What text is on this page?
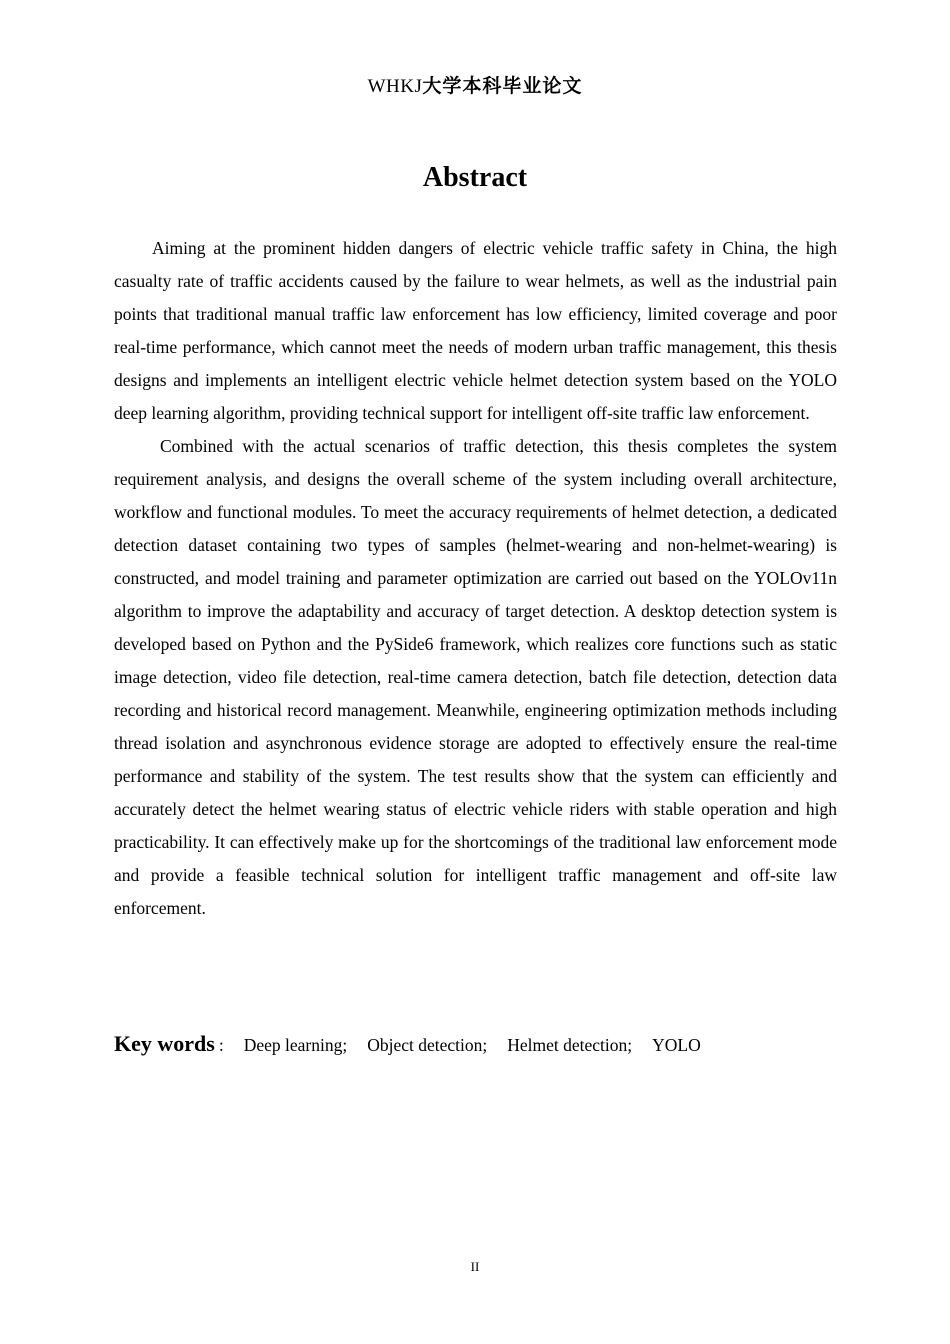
WHKJ大学本科毕业论文
Abstract

Aiming at the prominent hidden dangers of electric vehicle traffic safety in China, the high casualty rate of traffic accidents caused by the failure to wear helmets, as well as the industrial pain points that traditional manual traffic law enforcement has low efficiency, limited coverage and poor real-time performance, which cannot meet the needs of modern urban traffic management, this thesis designs and implements an intelligent electric vehicle helmet detection system based on the YOLO deep learning algorithm, providing technical support for intelligent off-site traffic law enforcement.

Combined with the actual scenarios of traffic detection, this thesis completes the system requirement analysis, and designs the overall scheme of the system including overall architecture, workflow and functional modules. To meet the accuracy requirements of helmet detection, a dedicated detection dataset containing two types of samples (helmet-wearing and non-helmet-wearing) is constructed, and model training and parameter optimization are carried out based on the YOLOv11n algorithm to improve the adaptability and accuracy of target detection. A desktop detection system is developed based on Python and the PySide6 framework, which realizes core functions such as static image detection, video file detection, real-time camera detection, batch file detection, detection data recording and historical record management. Meanwhile, engineering optimization methods including thread isolation and asynchronous evidence storage are adopted to effectively ensure the real-time performance and stability of the system. The test results show that the system can efficiently and accurately detect the helmet wearing status of electric vehicle riders with stable operation and high practicability. It can effectively make up for the shortcomings of the traditional law enforcement mode and provide a feasible technical solution for intelligent traffic management and off-site law enforcement.

Key words : Deep learning; Object detection; Helmet detection; YOLO
II
